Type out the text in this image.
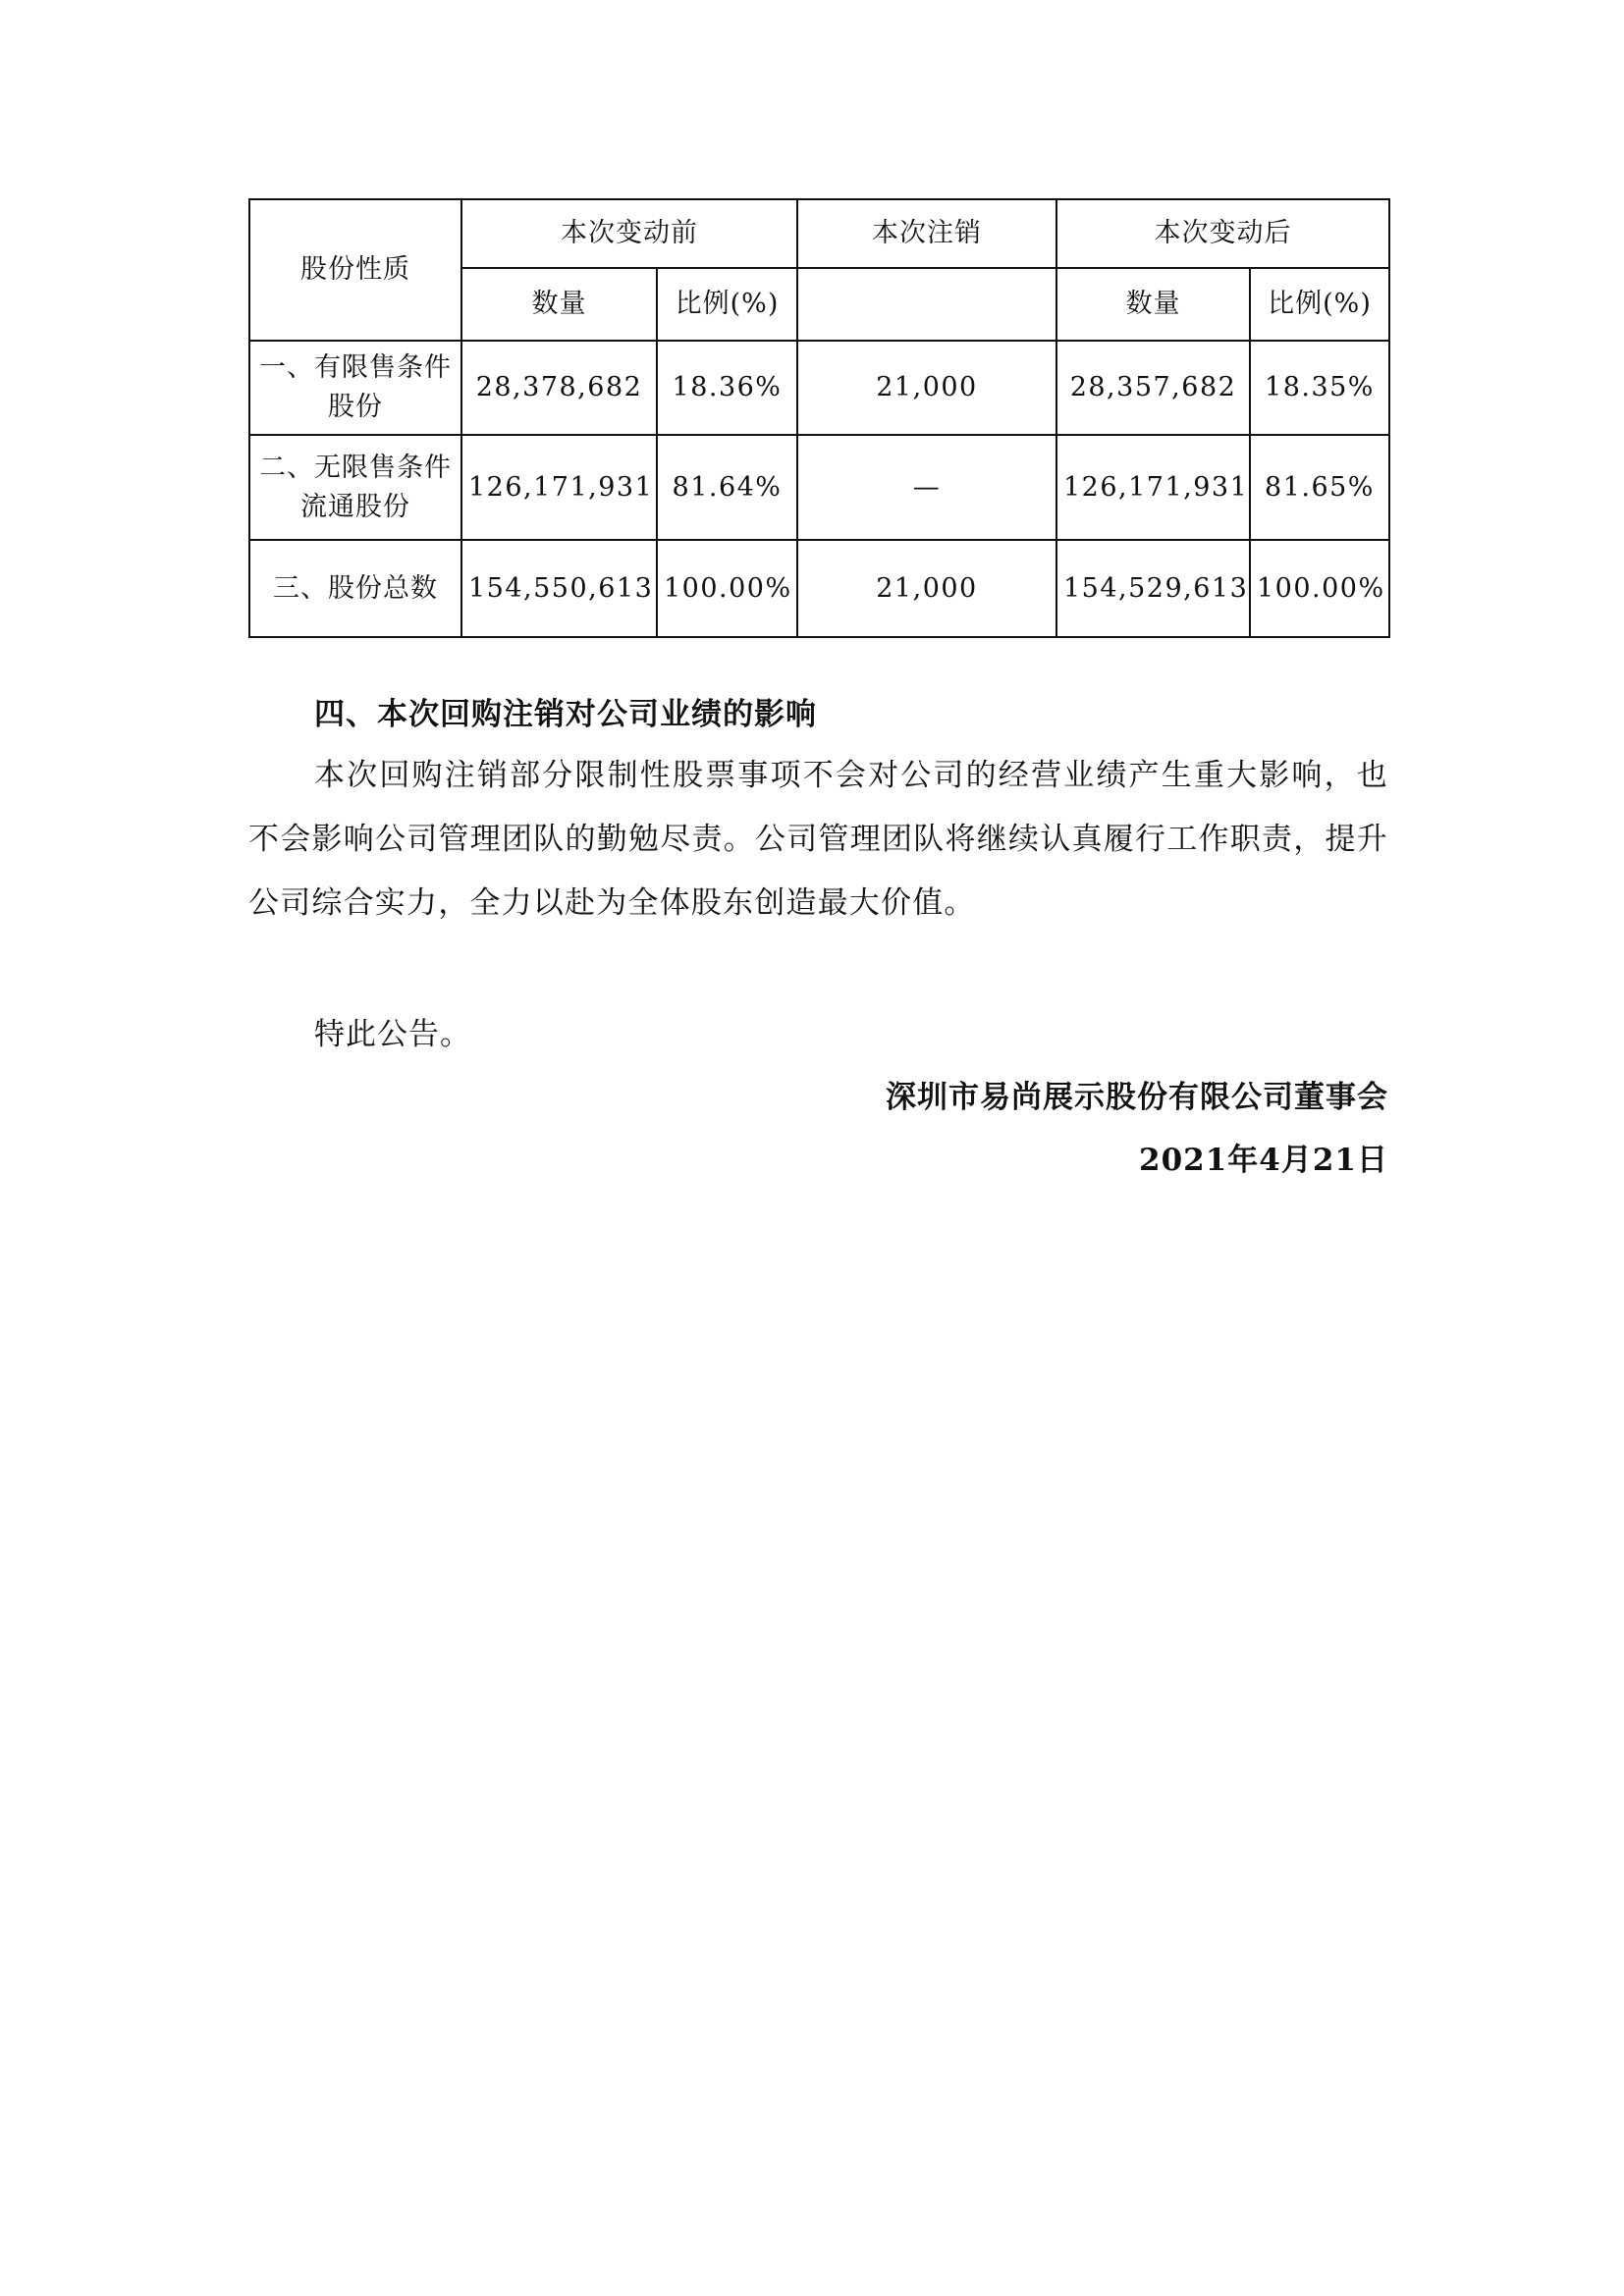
股份性质	本次变动前		本次注销	本次变动后	
	数量	比例(%)		数量	比例(%)
一、有限售条件股份	28,378,682	18.36%	21,000	28,357,682	18.35%
二、无限售条件流通股份	126,171,931	81.64%	—	126,171,931	81.65%
三、股份总数	154,550,613	100.00%	21,000	154,529,613	100.00%
四、本次回购注销对公司业绩的影响

本次回购注销部分限制性股票事项不会对公司的经营业绩产生重大影响，也不会影响公司管理团队的勤勉尽责。公司管理团队将继续认真履行工作职责，提升公司综合实力，全力以赴为全体股东创造最大价值。

特此公告。

深圳市易尚展示股份有限公司董事会

2021年4月21日
